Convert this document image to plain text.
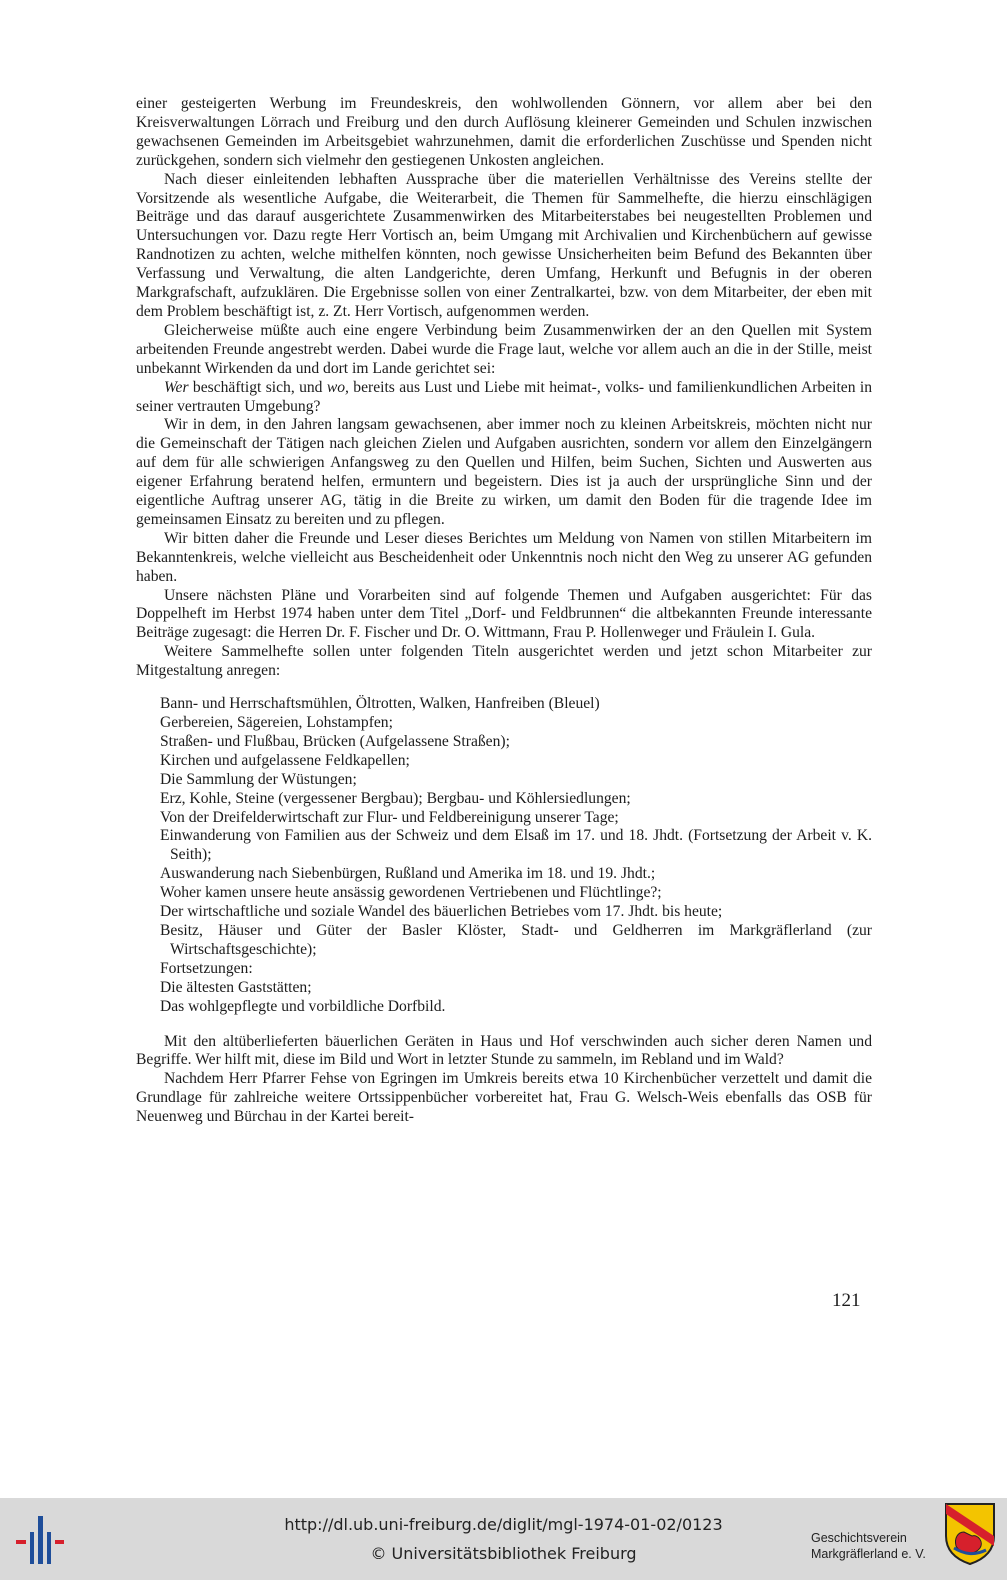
einer gesteigerten Werbung im Freundeskreis, den wohlwollenden Gönnern, vor allem aber bei den Kreisverwaltungen Lörrach und Freiburg und den durch Auflösung kleinerer Gemeinden und Schulen inzwischen gewachsenen Gemeinden im Arbeitsgebiet wahrzunehmen, damit die erforderlichen Zuschüsse und Spenden nicht zurückgehen, sondern sich vielmehr den gestiegenen Unkosten angleichen.

Nach dieser einleitenden lebhaften Aussprache über die materiellen Verhältnisse des Vereins stellte der Vorsitzende als wesentliche Aufgabe, die Weiterarbeit, die Themen für Sammelhefte, die hierzu einschlägigen Beiträge und das darauf ausgerichtete Zusammenwirken des Mitarbeiterstabes bei neugestellten Problemen und Untersuchungen vor. Dazu regte Herr Vortisch an, beim Umgang mit Archivalien und Kirchenbüchern auf gewisse Randnotizen zu achten, welche mithelfen könnten, noch gewisse Unsicherheiten beim Befund des Bekannten über Verfassung und Verwaltung, die alten Landgerichte, deren Umfang, Herkunft und Befugnis in der oberen Markgrafschaft, aufzuklären. Die Ergebnisse sollen von einer Zentralkartei, bzw. von dem Mitarbeiter, der eben mit dem Problem beschäftigt ist, z. Zt. Herr Vortisch, aufgenommen werden.

Gleicherweise müßte auch eine engere Verbindung beim Zusammenwirken der an den Quellen mit System arbeitenden Freunde angestrebt werden. Dabei wurde die Frage laut, welche vor allem auch an die in der Stille, meist unbekannt Wirkenden da und dort im Lande gerichtet sei:

Wer beschäftigt sich, und wo, bereits aus Lust und Liebe mit heimat-, volks- und familienkundlichen Arbeiten in seiner vertrauten Umgebung?

Wir in dem, in den Jahren langsam gewachsenen, aber immer noch zu kleinen Arbeitskreis, möchten nicht nur die Gemeinschaft der Tätigen nach gleichen Zielen und Aufgaben ausrichten, sondern vor allem den Einzelgängern auf dem für alle schwierigen Anfangsweg zu den Quellen und Hilfen, beim Suchen, Sichten und Auswerten aus eigener Erfahrung beratend helfen, ermuntern und begeistern. Dies ist ja auch der ursprüngliche Sinn und der eigentliche Auftrag unserer AG, tätig in die Breite zu wirken, um damit den Boden für die tragende Idee im gemeinsamen Einsatz zu bereiten und zu pflegen.

Wir bitten daher die Freunde und Leser dieses Berichtes um Meldung von Namen von stillen Mitarbeitern im Bekanntenkreis, welche vielleicht aus Bescheidenheit oder Unkenntnis noch nicht den Weg zu unserer AG gefunden haben.

Unsere nächsten Pläne und Vorarbeiten sind auf folgende Themen und Aufgaben ausgerichtet: Für das Doppelheft im Herbst 1974 haben unter dem Titel „Dorf- und Feldbrunnen“ die altbekannten Freunde interessante Beiträge zugesagt: die Herren Dr. F. Fischer und Dr. O. Wittmann, Frau P. Hollenweger und Fräulein I. Gula.

Weitere Sammelhefte sollen unter folgenden Titeln ausgerichtet werden und jetzt schon Mitarbeiter zur Mitgestaltung anregen:

Bann- und Herrschaftsmühlen, Öltrotten, Walken, Hanfreiben (Bleuel)
Gerbereien, Sägereien, Lohstampfen;
Straßen- und Flußbau, Brücken (Aufgelassene Straßen);
Kirchen und aufgelassene Feldkapellen;
Die Sammlung der Wüstungen;
Erz, Kohle, Steine (vergessener Bergbau); Bergbau- und Köhlersiedlungen;
Von der Dreifelderwirtschaft zur Flur- und Feldbereinigung unserer Tage;
Einwanderung von Familien aus der Schweiz und dem Elsaß im 17. und 18. Jhdt. (Fortsetzung der Arbeit v. K. Seith);
Auswanderung nach Siebenbürgen, Rußland und Amerika im 18. und 19. Jhdt.;
Woher kamen unsere heute ansässig gewordenen Vertriebenen und Flüchtlinge?;
Der wirtschaftliche und soziale Wandel des bäuerlichen Betriebes vom 17. Jhdt. bis heute;
Besitz, Häuser und Güter der Basler Klöster, Stadt- und Geldherren im Markgräflerland (zur Wirtschaftsgeschichte);
Fortsetzungen:
Die ältesten Gaststätten;
Das wohlgepflegte und vorbildliche Dorfbild.

Mit den altüberlieferten bäuerlichen Geräten in Haus und Hof verschwinden auch sicher deren Namen und Begriffe. Wer hilft mit, diese im Bild und Wort in letzter Stunde zu sammeln, im Rebland und im Wald?

Nachdem Herr Pfarrer Fehse von Egringen im Umkreis bereits etwa 10 Kirchenbücher verzettelt und damit die Grundlage für zahlreiche weitere Ortssippenbücher vorbereitet hat, Frau G. Welsch-Weis ebenfalls das OSB für Neuenweg und Bürchau in der Kartei bereit-

121
http://dl.ub.uni-freiburg.de/diglit/mgl-1974-01-02/0123
© Universitätsbibliothek Freiburg
Geschichtsverein
Markgräflerland e. V.
